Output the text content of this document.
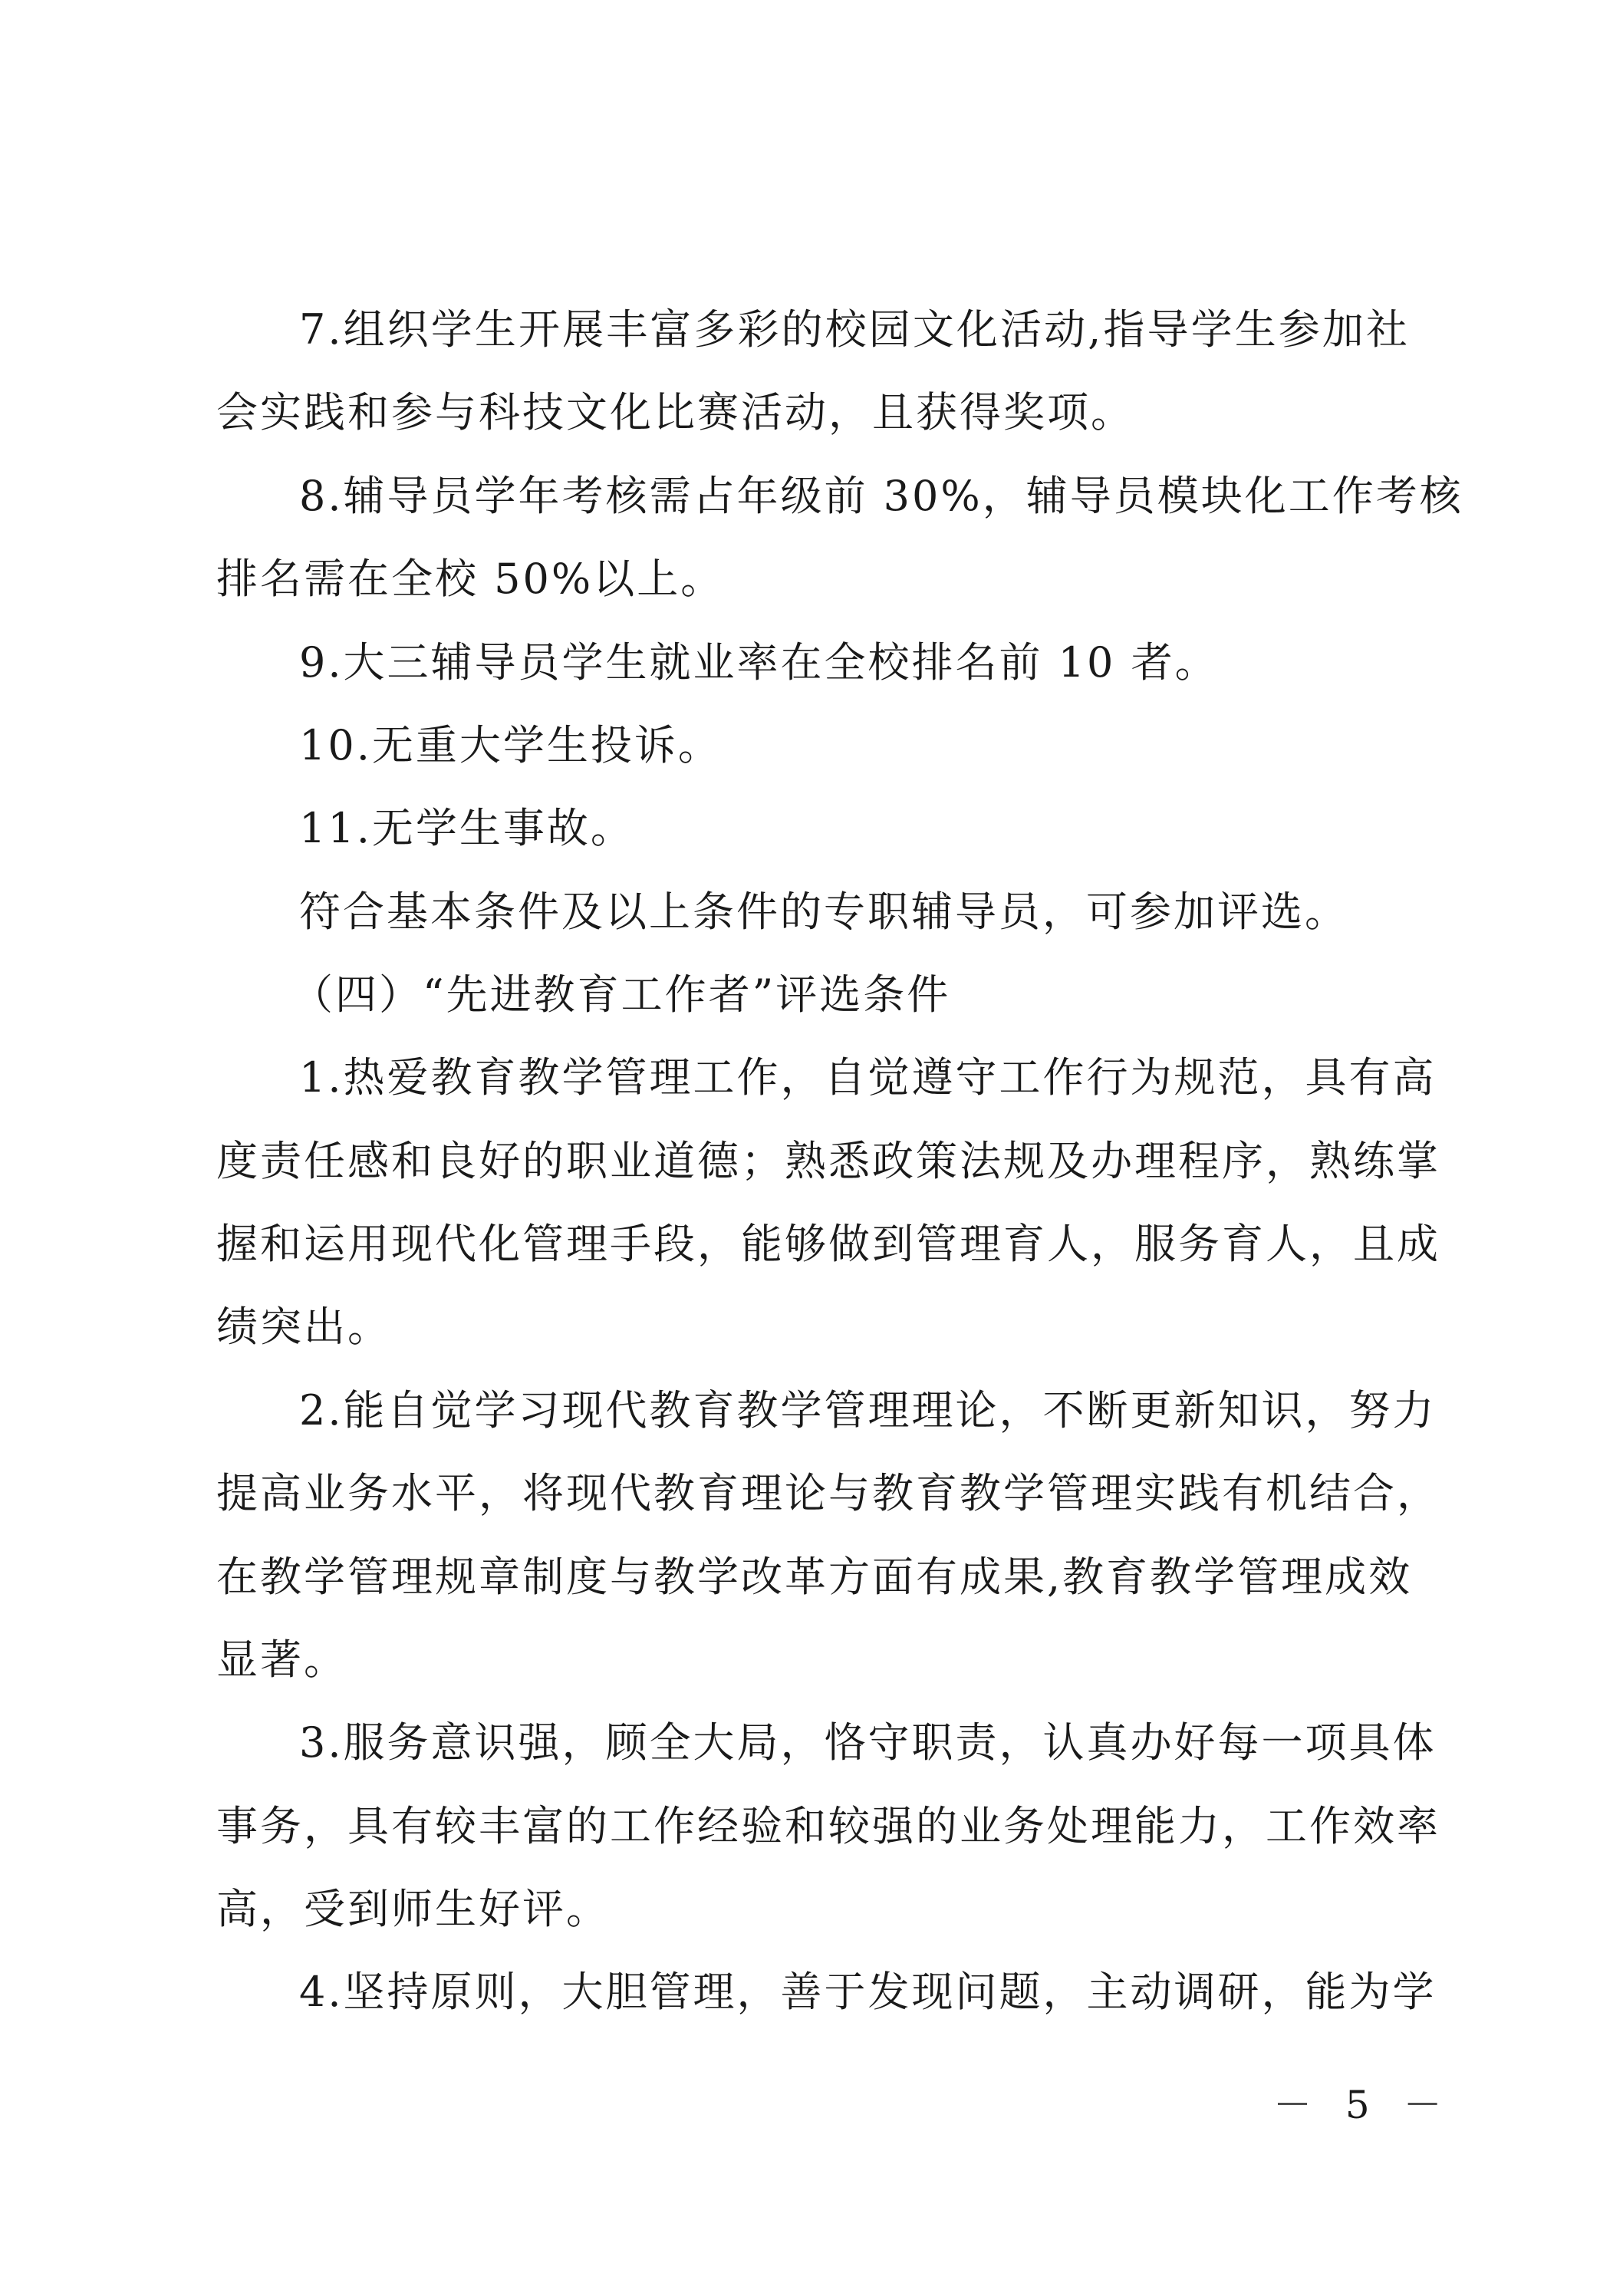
7.组织学生开展丰富多彩的校园文化活动,指导学生参加社
会实践和参与科技文化比赛活动，且获得奖项。
8.辅导员学年考核需占年级前 30%，辅导员模块化工作考核
排名需在全校 50%以上。
9.大三辅导员学生就业率在全校排名前 10 者。
10.无重大学生投诉。
11.无学生事故。
符合基本条件及以上条件的专职辅导员，可参加评选。
（四）“先进教育工作者”评选条件
1.热爱教育教学管理工作，自觉遵守工作行为规范，具有高
度责任感和良好的职业道德；熟悉政策法规及办理程序，熟练掌
握和运用现代化管理手段，能够做到管理育人，服务育人，且成
绩突出。
2.能自觉学习现代教育教学管理理论，不断更新知识，努力
提高业务水平，将现代教育理论与教育教学管理实践有机结合，
在教学管理规章制度与教学改革方面有成果,教育教学管理成效
显著。
3.服务意识强，顾全大局，恪守职责，认真办好每一项具体
事务，具有较丰富的工作经验和较强的业务处理能力，工作效率
高，受到师生好评。
4.坚持原则，大胆管理，善于发现问题，主动调研，能为学
－ 5 －
